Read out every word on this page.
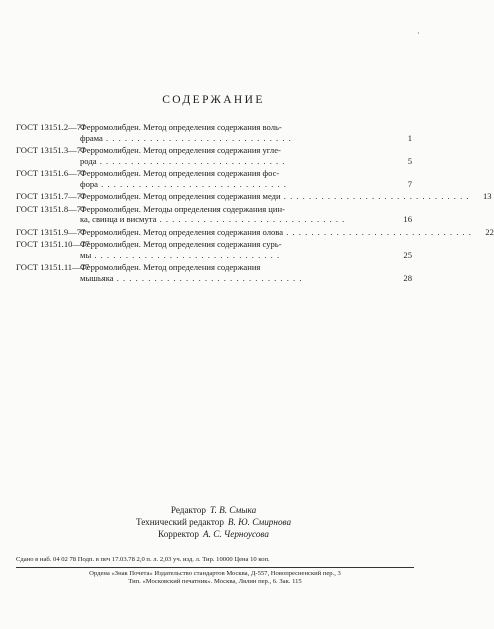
·
СОДЕРЖАНИЕ
ГОСТ 13151.2—77
Ферромолибден. Метод определения содержания воль-
фрама . .	1
ГОСТ 13151.3—77
Ферромолибден. Метод определения содержания угле-
рода . .	5
ГОСТ 13151.6—77
Ферромолибден. Метод определения содержания фос-
фора . .	7
ГОСТ 13151.7—77
Ферромолибден. Метод определения содержания меди . .	13
ГОСТ 13151.8—77
Ферромолибден. Методы определения содержания цин-
ка, свинца и висмута . .	16
ГОСТ 13151.9—77
Ферромолибден. Метод определения содержания олова . .	22
ГОСТ 13151.10—77
Ферромолибден. Метод определения содержания сурь-
мы . .	25
ГОСТ 13151.11—77
Ферромолибден. Метод определения содержания
мышьяка . .	28
Редактор Т. В. Смыка
Технический редактор В. Ю. Смирнова
Корректор А. С. Черноусова
Сдано в наб. 04 02 78 Подп. в печ 17.03.78 2,0 п. л. 2,03 уч. изд. л. Тир. 10000 Цена 10 коп.
Ордена «Знак Почета» Издательство стандартов Москва, Д-557, Новопресненский пер., 3
Тип. «Московский печатник». Москва, Лялин пер., 6. Зак. 115
